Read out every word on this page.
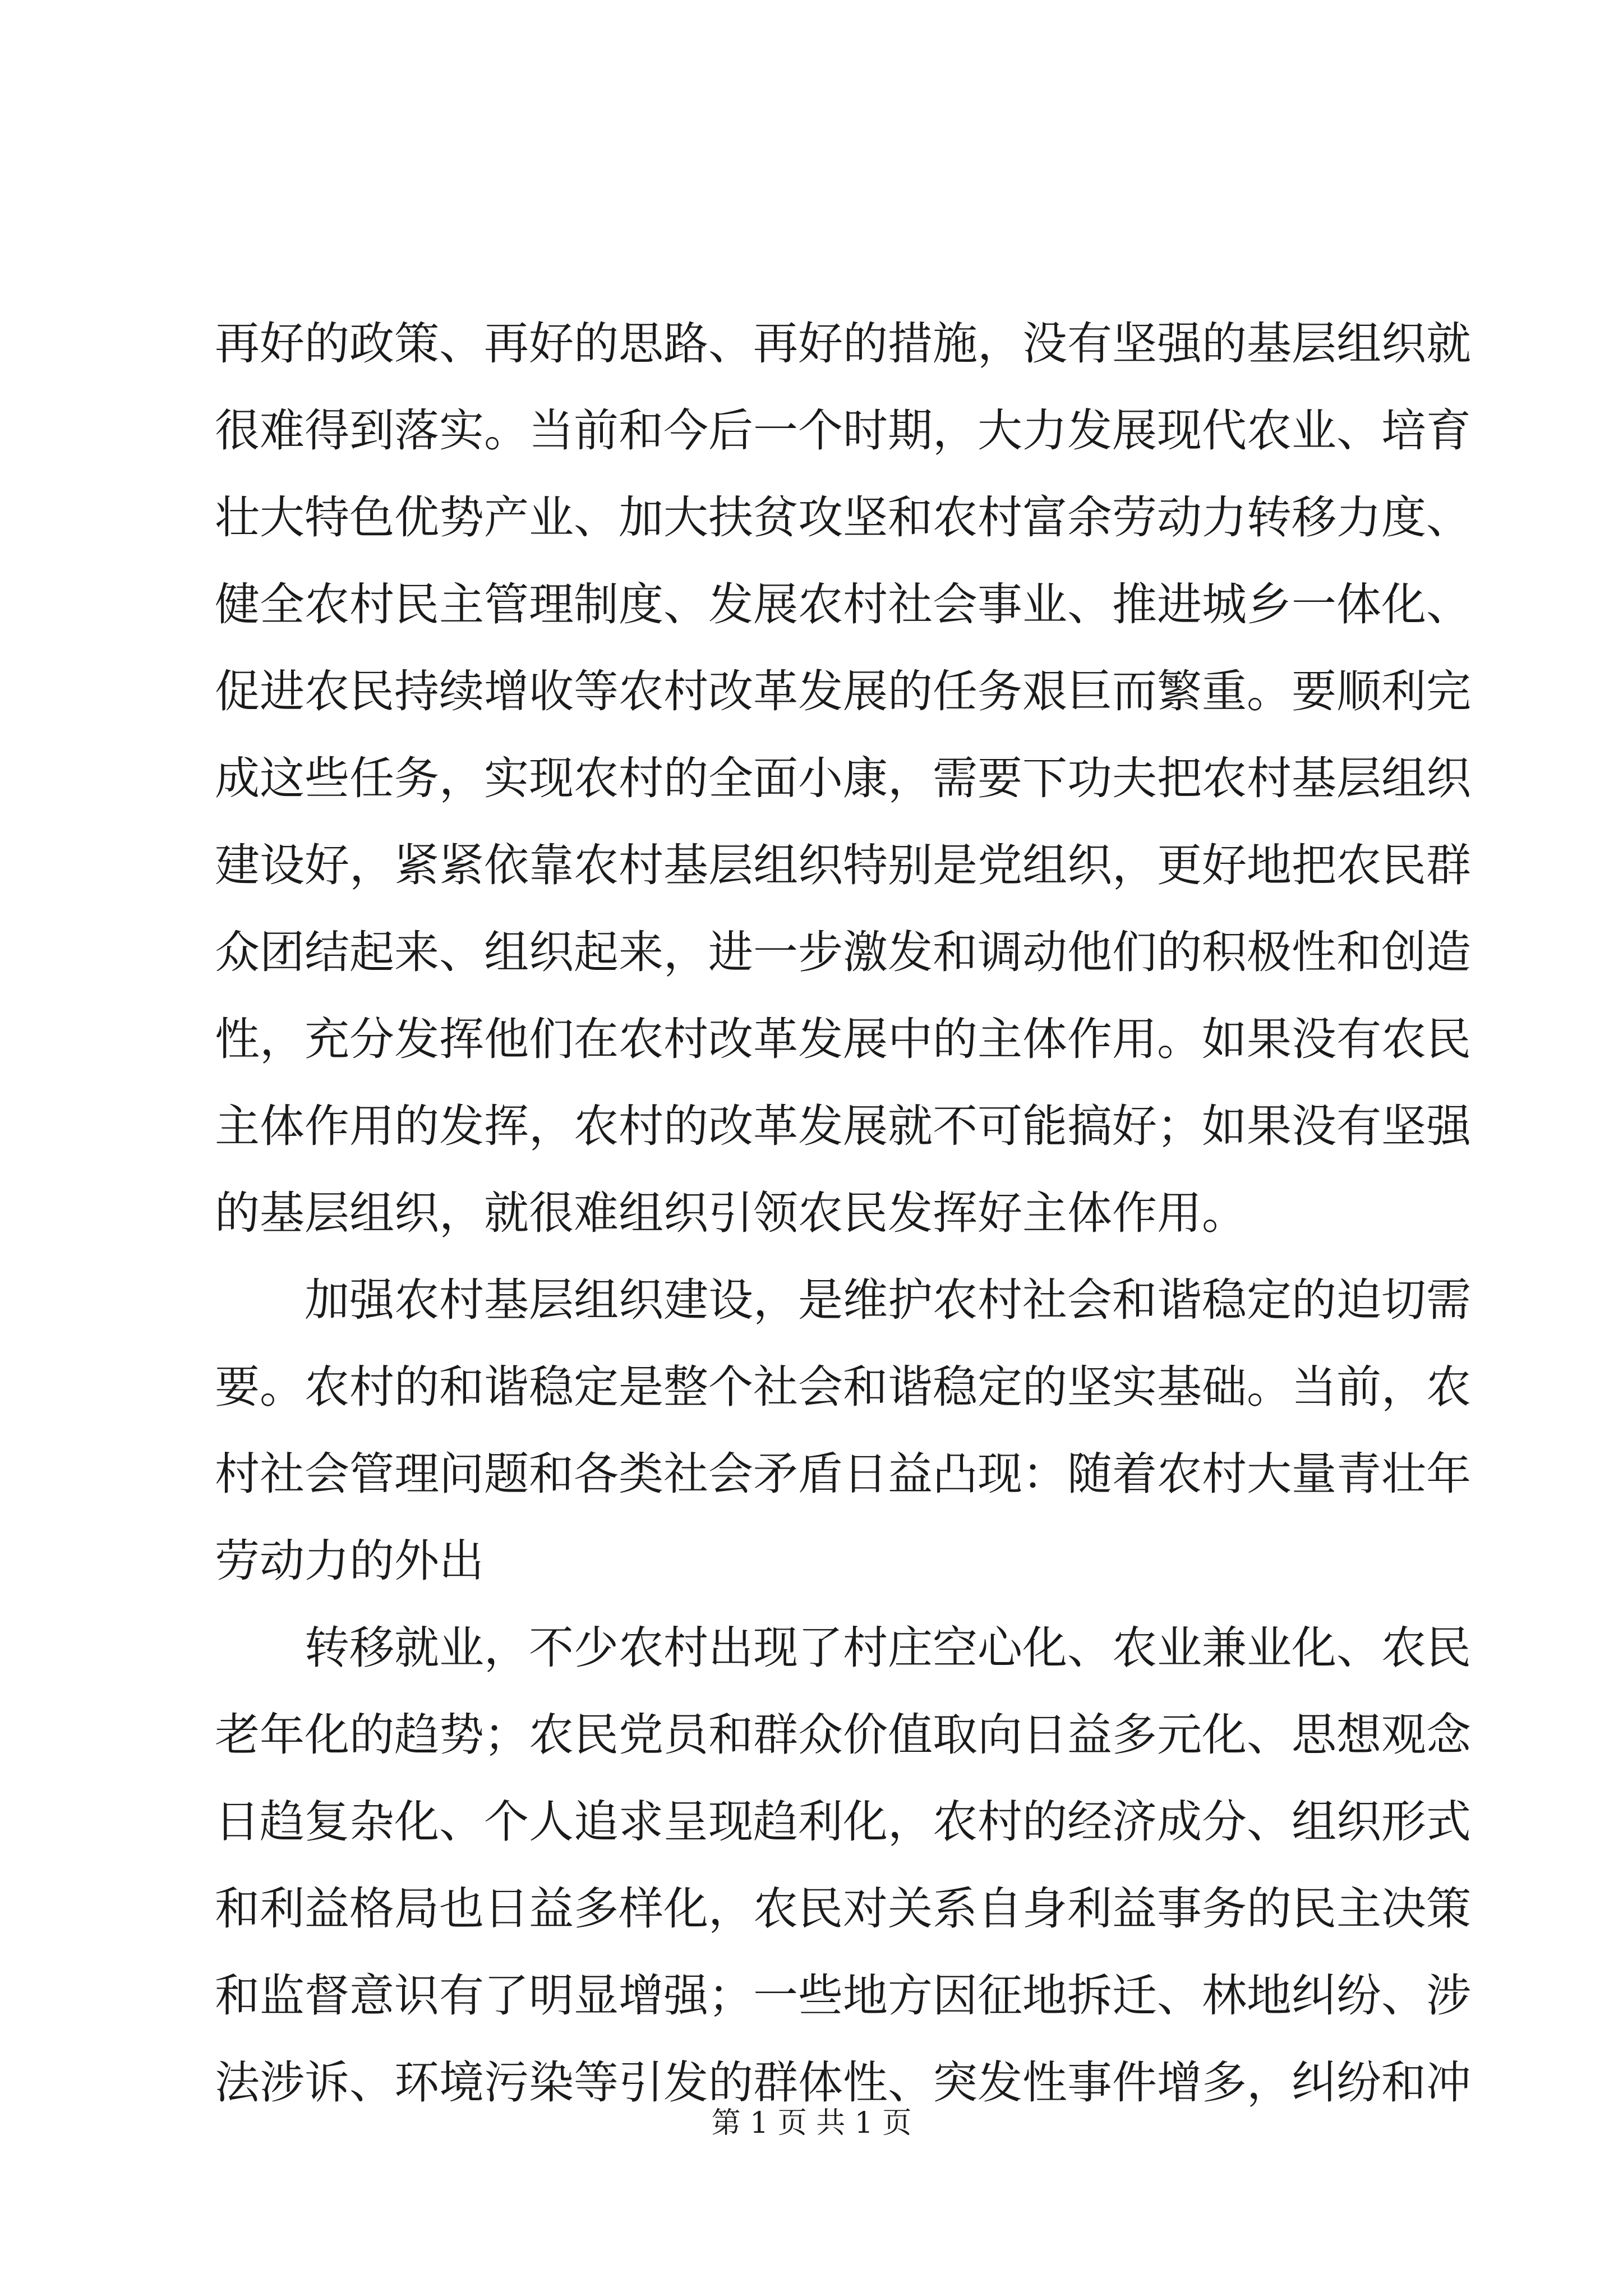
再好的政策、再好的思路、再好的措施，没有坚强的基层组织就
很难得到落实。当前和今后一个时期，大力发展现代农业、培育
壮大特色优势产业、加大扶贫攻坚和农村富余劳动力转移力度、
健全农村民主管理制度、发展农村社会事业、推进城乡一体化、
促进农民持续增收等农村改革发展的任务艰巨而繁重。要顺利完
成这些任务，实现农村的全面小康，需要下功夫把农村基层组织
建设好，紧紧依靠农村基层组织特别是党组织，更好地把农民群
众团结起来、组织起来，进一步激发和调动他们的积极性和创造
性，充分发挥他们在农村改革发展中的主体作用。如果没有农民
主体作用的发挥，农村的改革发展就不可能搞好；如果没有坚强
的基层组织，就很难组织引领农民发挥好主体作用。
　　加强农村基层组织建设，是维护农村社会和谐稳定的迫切需
要。农村的和谐稳定是整个社会和谐稳定的坚实基础。当前，农
村社会管理问题和各类社会矛盾日益凸现：随着农村大量青壮年
劳动力的外出
　　转移就业，不少农村出现了村庄空心化、农业兼业化、农民
老年化的趋势；农民党员和群众价值取向日益多元化、思想观念
日趋复杂化、个人追求呈现趋利化，农村的经济成分、组织形式
和利益格局也日益多样化，农民对关系自身利益事务的民主决策
和监督意识有了明显增强；一些地方因征地拆迁、林地纠纷、涉
法涉诉、环境污染等引发的群体性、突发性事件增多，纠纷和冲
第 1 页 共 1 页
